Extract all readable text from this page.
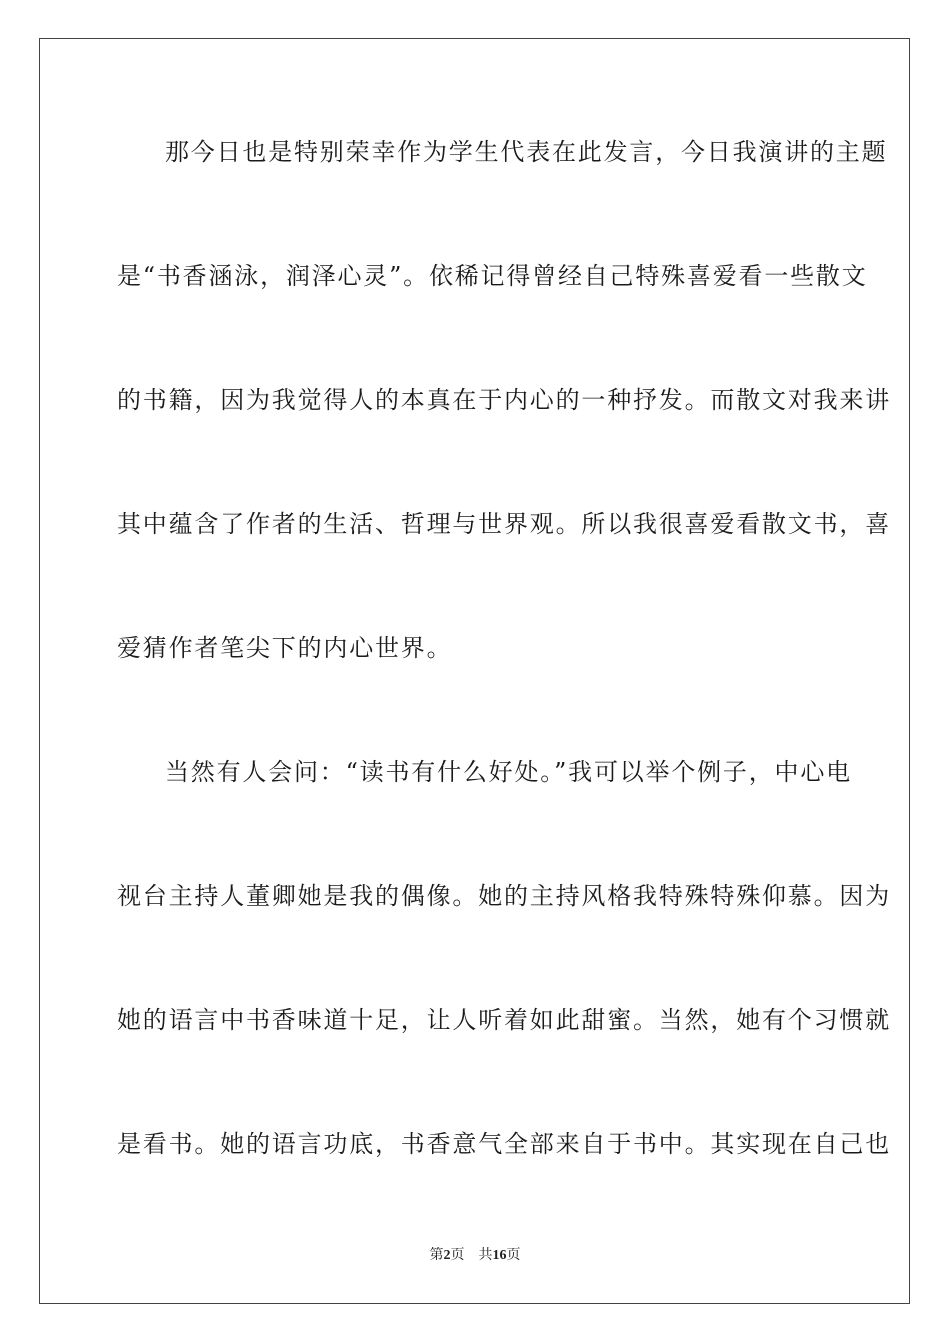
那今日也是特别荣幸作为学生代表在此发言，今日我演讲的主题
是“书香涵泳，润泽心灵”。依稀记得曾经自己特殊喜爱看一些散文
的书籍，因为我觉得人的本真在于内心的一种抒发。而散文对我来讲
其中蕴含了作者的生活、哲理与世界观。所以我很喜爱看散文书，喜
爱猜作者笔尖下的内心世界。
当然有人会问：“读书有什么好处。”我可以举个例子，中心电
视台主持人董卿她是我的偶像。她的主持风格我特殊特殊仰慕。因为
她的语言中书香味道十足，让人听着如此甜蜜。当然，她有个习惯就
是看书。她的语言功底，书香意气全部来自于书中。其实现在自己也
第2页 共16页
